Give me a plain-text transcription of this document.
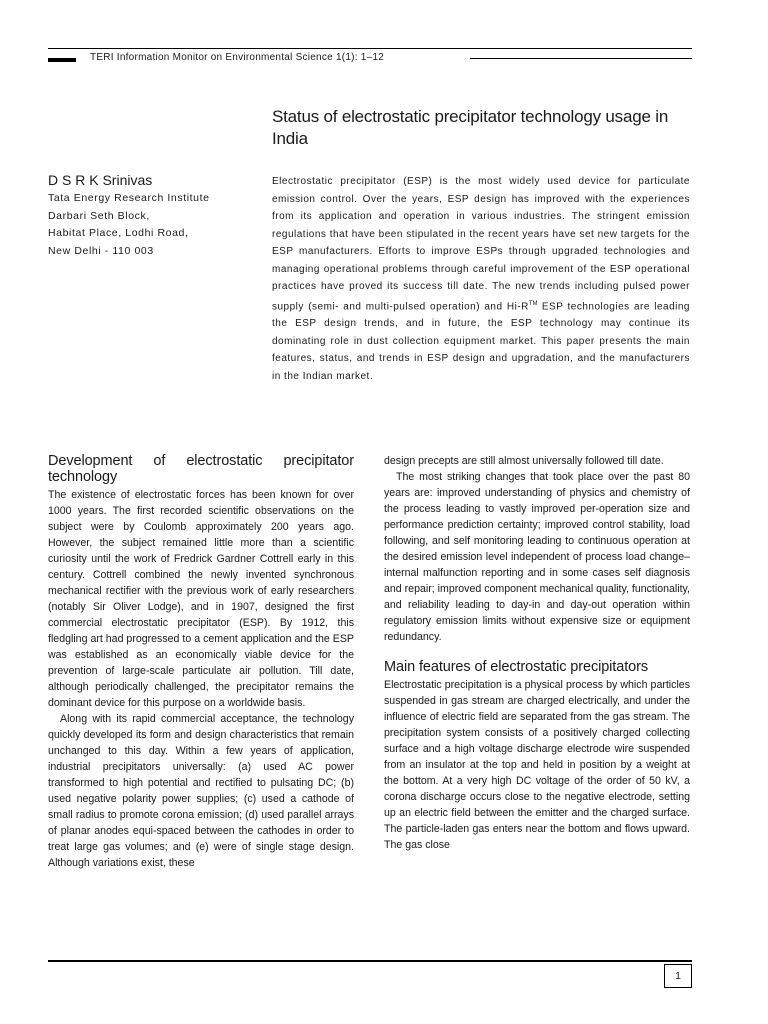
TERI Information Monitor on Environmental Science 1(1): 1–12
Status of electrostatic precipitator technology usage in India
D S R K Srinivas
Tata Energy Research Institute
Darbari Seth Block,
Habitat Place, Lodhi Road,
New Delhi - 110 003

Electrostatic precipitator (ESP) is the most widely used device for particulate emission control. Over the years, ESP design has improved with the experiences from its application and operation in various industries. The stringent emission regulations that have been stipulated in the recent years have set new targets for the ESP manufacturers. Efforts to improve ESPs through upgraded technologies and managing operational problems through careful improvement of the ESP operational practices have proved its success till date. The new trends including pulsed power supply (semi- and multi-pulsed operation) and Hi-R™ ESP technologies are leading the ESP design trends, and in future, the ESP technology may continue its dominating role in dust collection equipment market. This paper presents the main features, status, and trends in ESP design and upgradation, and the manufacturers in the Indian market.

Development of electrostatic precipitator technology

The existence of electrostatic forces has been known for over 1000 years. The first recorded scientific observations on the subject were by Coulomb approximately 200 years ago. However, the subject remained little more than a scientific curiosity until the work of Fredrick Gardner Cottrell early in this century. Cottrell combined the newly invented synchronous mechanical rectifier with the previous work of early researchers (notably Sir Oliver Lodge), and in 1907, designed the first commercial electrostatic precipitator (ESP). By 1912, this fledgling art had progressed to a cement application and the ESP was established as an economically viable device for the prevention of large-scale particulate air pollution. Till date, although periodically challenged, the precipitator remains the dominant device for this purpose on a worldwide basis.

Along with its rapid commercial acceptance, the technology quickly developed its form and design characteristics that remain unchanged to this day. Within a few years of application, industrial precipitators universally: (a) used AC power transformed to high potential and rectified to pulsating DC; (b) used negative polarity power supplies; (c) used a cathode of small radius to promote corona emission; (d) used parallel arrays of planar anodes equi-spaced between the cathodes in order to treat large gas volumes; and (e) were of single stage design. Although variations exist, these

design precepts are still almost universally followed till date.

The most striking changes that took place over the past 80 years are: improved understanding of physics and chemistry of the process leading to vastly improved per-operation size and performance prediction certainty; improved control stability, load following, and self monitoring leading to continuous operation at the desired emission level independent of process load change–internal malfunction reporting and in some cases self diagnosis and repair; improved component mechanical quality, functionality, and reliability leading to day-in and day-out operation within regulatory emission limits without expensive size or equipment redundancy.

Main features of electrostatic precipitators

Electrostatic precipitation is a physical process by which particles suspended in gas stream are charged electrically, and under the influence of electric field are separated from the gas stream. The precipitation system consists of a positively charged collecting surface and a high voltage discharge electrode wire suspended from an insulator at the top and held in position by a weight at the bottom. At a very high DC voltage of the order of 50 kV, a corona discharge occurs close to the negative electrode, setting up an electric field between the emitter and the charged surface. The particle-laden gas enters near the bottom and flows upward. The gas close

1
